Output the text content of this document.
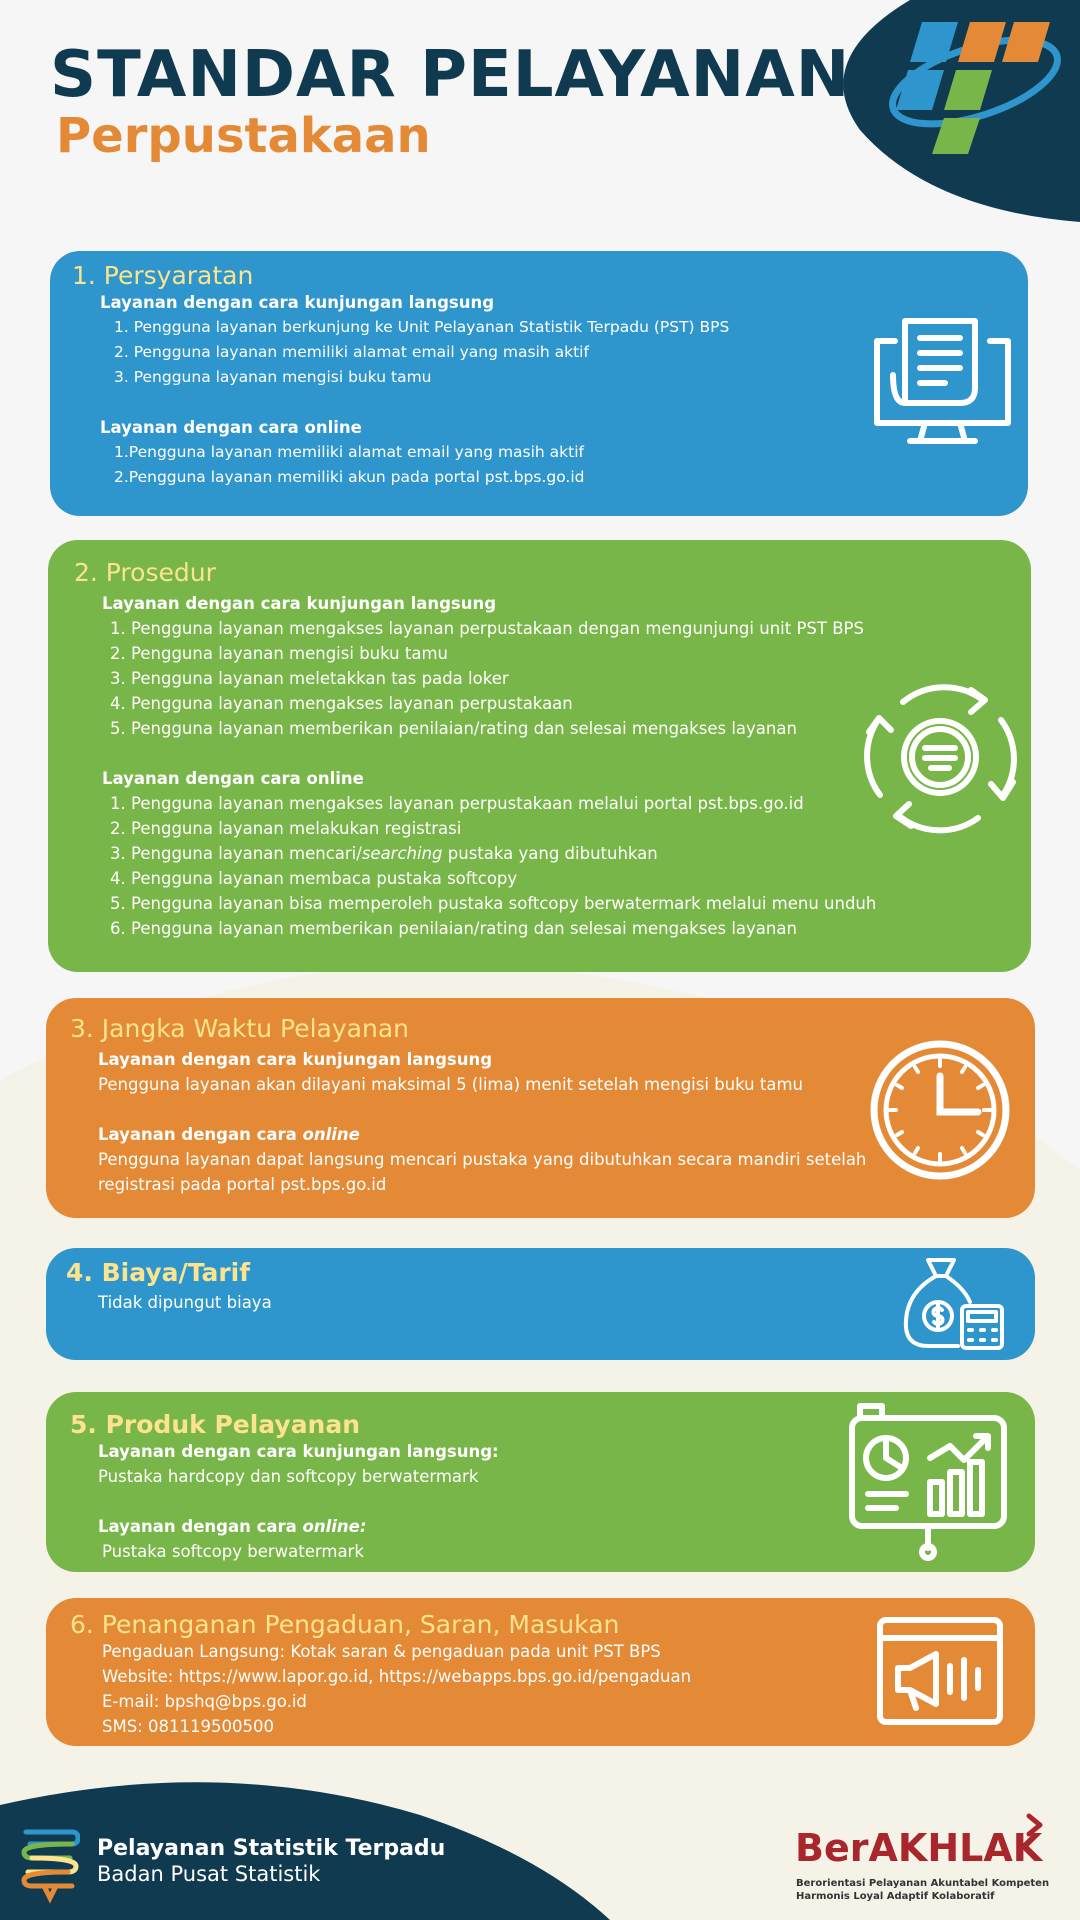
STANDAR PELAYANAN
Perpustakaan
1. Persyaratan

Layanan dengan cara kunjungan langsung

1. Pengguna layanan berkunjung ke Unit Pelayanan Statistik Terpadu (PST) BPS

2. Pengguna layanan memiliki alamat email yang masih aktif

3. Pengguna layanan mengisi buku tamu

Layanan dengan cara online

1.Pengguna layanan memiliki alamat email yang masih aktif

2.Pengguna layanan memiliki akun pada portal pst.bps.go.id

2. Prosedur

Layanan dengan cara kunjungan langsung

1. Pengguna layanan mengakses layanan perpustakaan dengan mengunjungi unit PST BPS

2. Pengguna layanan mengisi buku tamu

3. Pengguna layanan meletakkan tas pada loker

4. Pengguna layanan mengakses layanan perpustakaan

5. Pengguna layanan memberikan penilaian/rating dan selesai mengakses layanan

Layanan dengan cara online

1. Pengguna layanan mengakses layanan perpustakaan melalui portal pst.bps.go.id

2. Pengguna layanan melakukan registrasi

3. Pengguna layanan mencari/searching pustaka yang dibutuhkan

4. Pengguna layanan membaca pustaka softcopy

5. Pengguna layanan bisa memperoleh pustaka softcopy berwatermark melalui menu unduh

6. Pengguna layanan memberikan penilaian/rating dan selesai mengakses layanan

3. Jangka Waktu Pelayanan

Layanan dengan cara kunjungan langsung

Pengguna layanan akan dilayani maksimal 5 (lima) menit setelah mengisi buku tamu

Layanan dengan cara online

Pengguna layanan dapat langsung mencari pustaka yang dibutuhkan secara mandiri setelah

registrasi pada portal pst.bps.go.id

4. Biaya/Tarif

Tidak dipungut biaya

5. Produk Pelayanan

Layanan dengan cara kunjungan langsung:

Pustaka hardcopy dan softcopy berwatermark

Layanan dengan cara online:

Pustaka softcopy berwatermark

6. Penanganan Pengaduan, Saran, Masukan

Pengaduan Langsung: Kotak saran & pengaduan pada unit PST BPS

Website: https://www.lapor.go.id, https://webapps.bps.go.id/pengaduan

E-mail: bpshq@bps.go.id

SMS: 081119500500

Pelayanan Statistik Terpadu

Badan Pusat Statistik

BerAKHLAK

Berorientasi Pelayanan Akuntabel Kompeten

Harmonis Loyal Adaptif Kolaboratif
